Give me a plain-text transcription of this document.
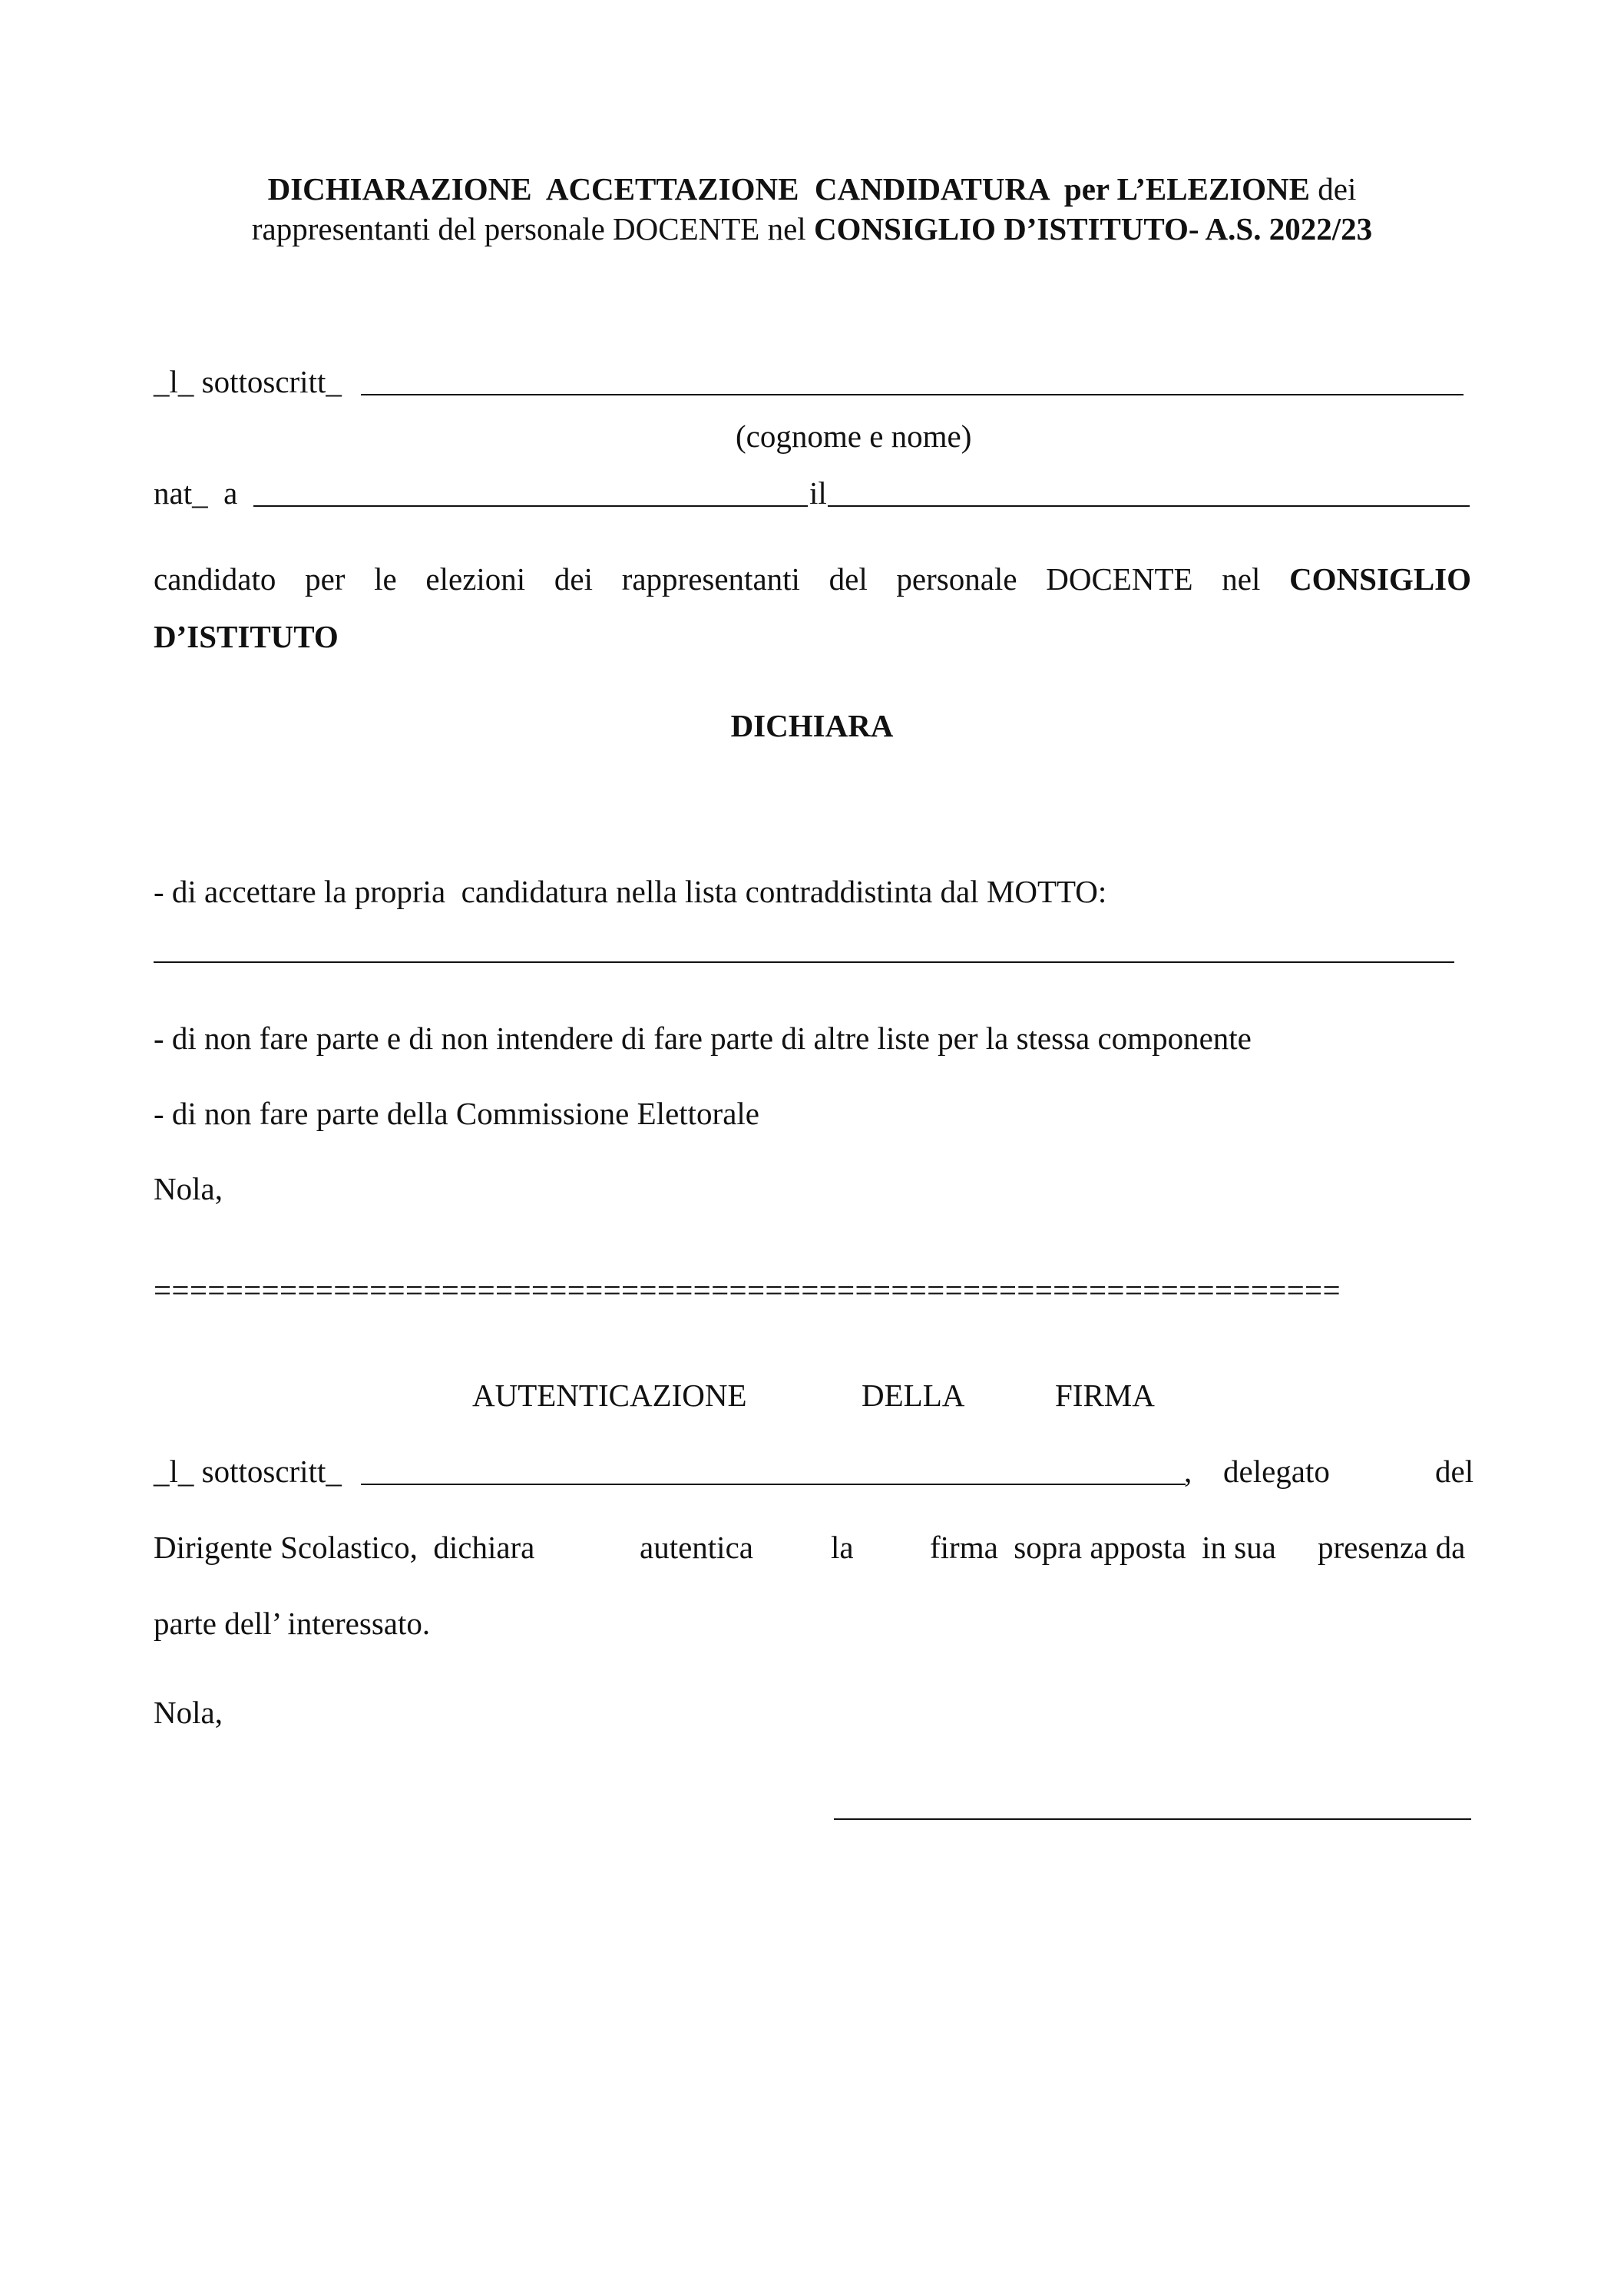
DICHIARAZIONE  ACCETTAZIONE  CANDIDATURA  per L’ELEZIONE dei
rappresentanti del personale DOCENTE nel CONSIGLIO D’ISTITUTO- A.S. 2022/23
_l_ sottoscritt_
(cognome e nome)
nat_  a	il
candidato per le elezioni dei rappresentanti del personale DOCENTE nel CONSIGLIO
D’ISTITUTO
DICHIARA
- di accettare la propria  candidatura nella lista contraddistinta dal MOTTO:
- di non fare parte e di non intendere di fare parte di altre liste per la stessa componente
- di non fare parte della Commissione Elettorale
Nola,
==================================================================
AUTENTICAZIONE	DELLA	FIRMA
_l_ sottoscritt_	, delegato	del
Dirigente Scolastico,  dichiara	autentica la firma  sopra apposta  in sua presenza da
parte dell’ interessato.
Nola,
